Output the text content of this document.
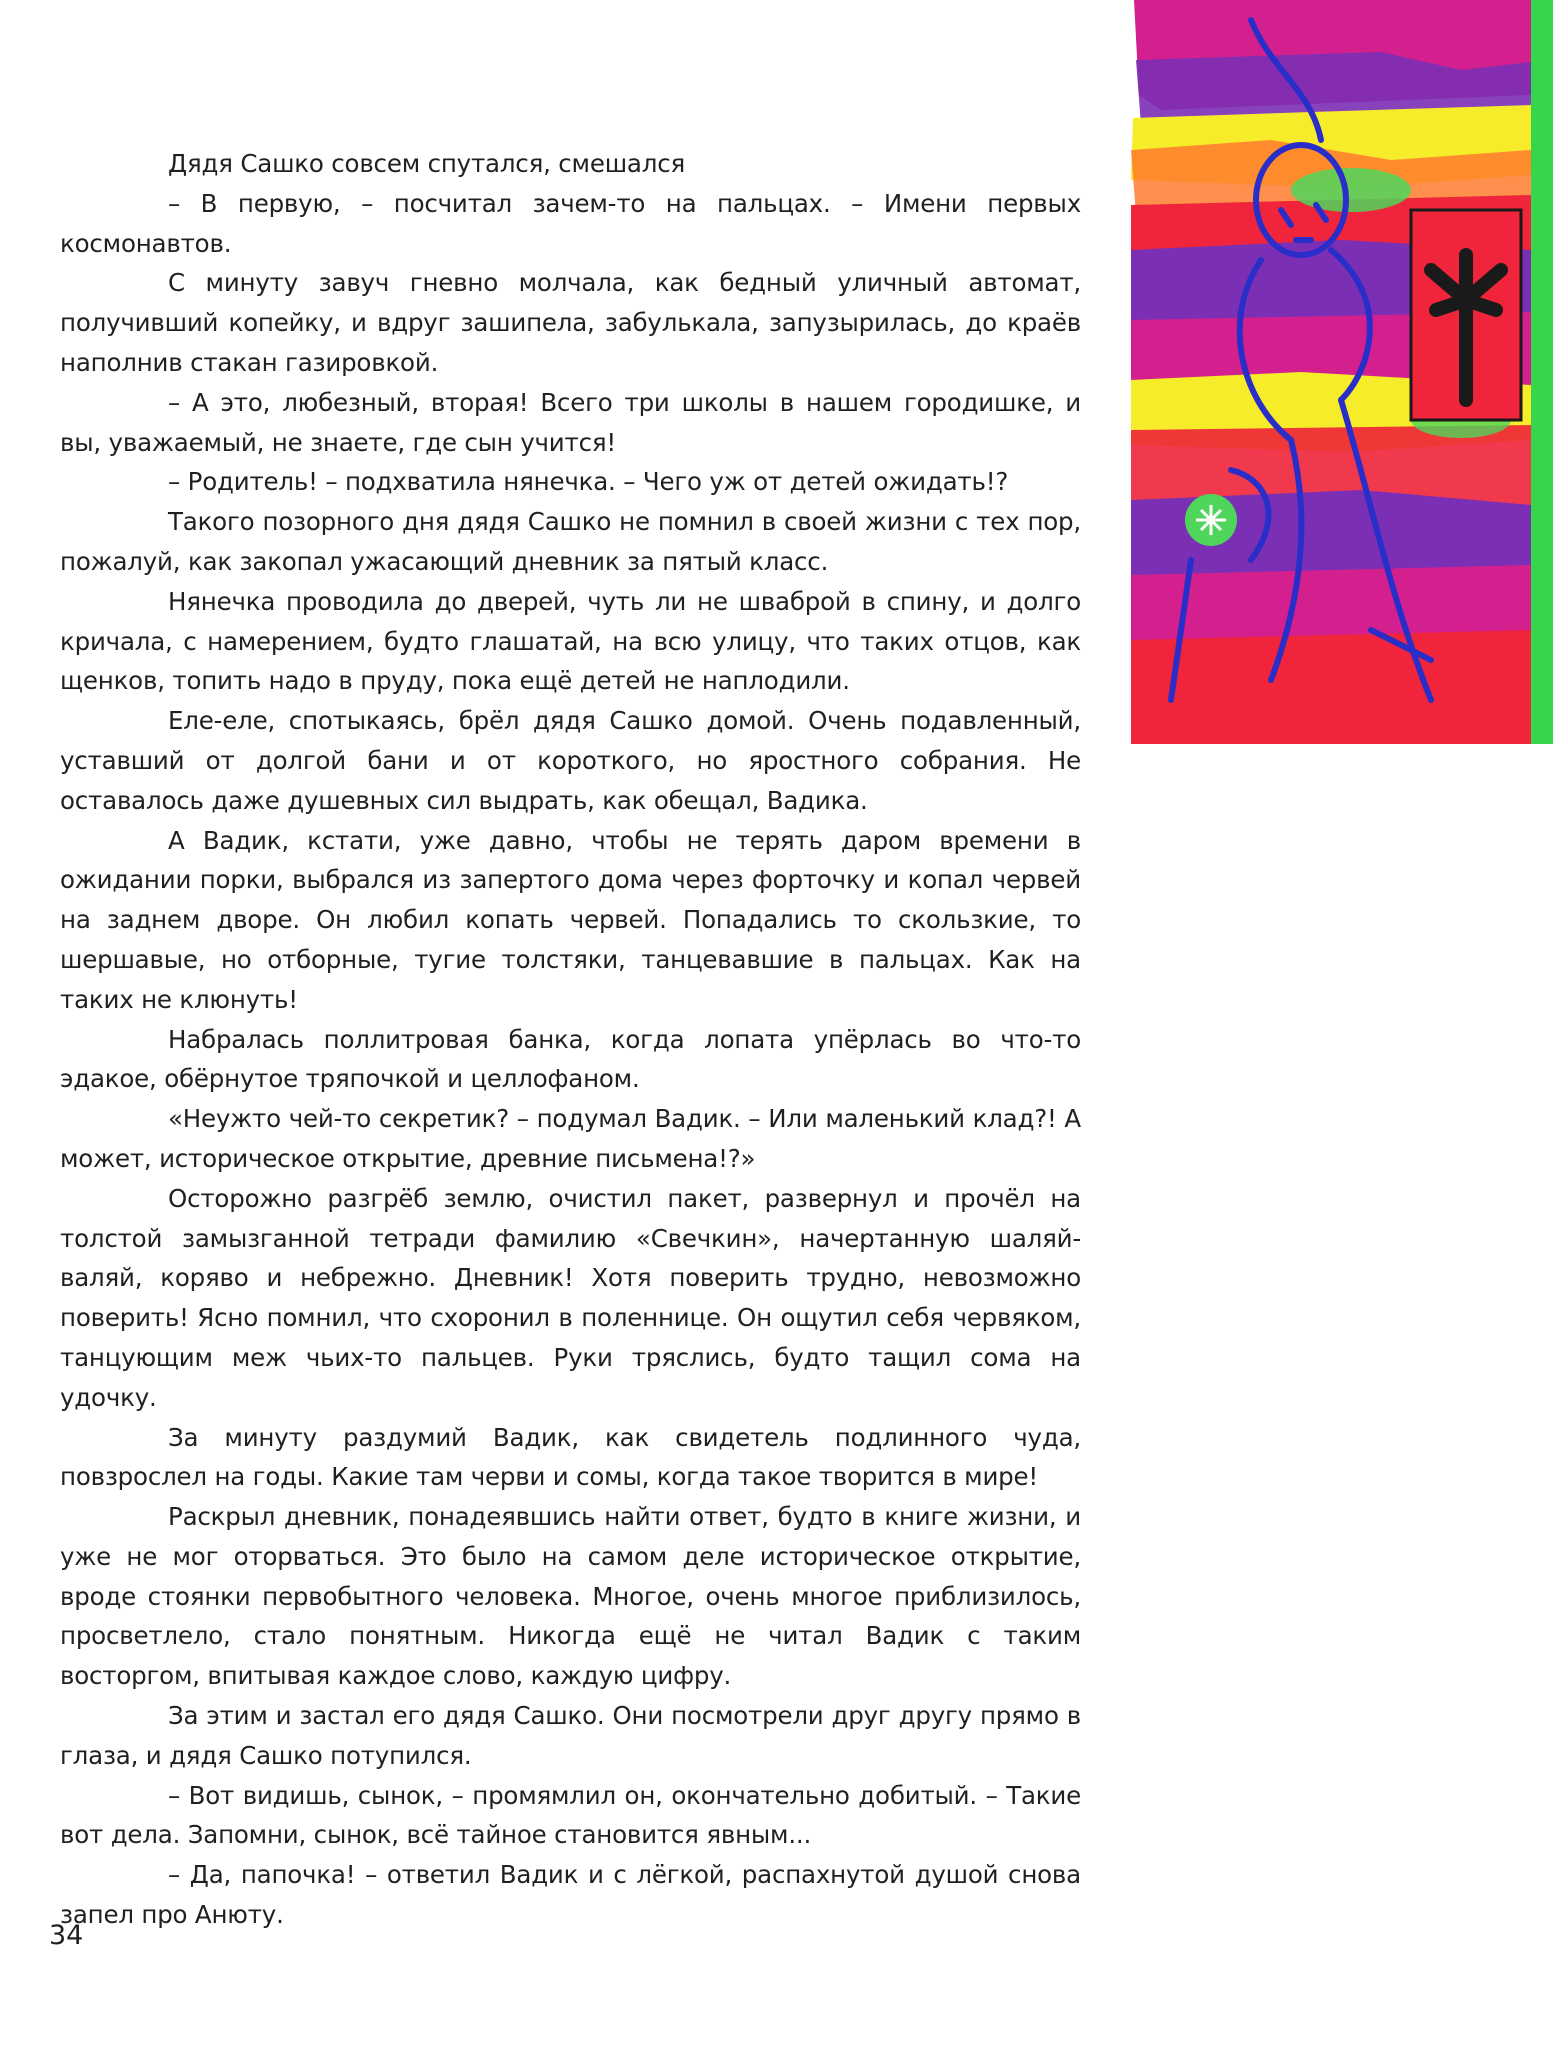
Дядя Сашко совсем спутался, смешался

– В первую, – посчитал зачем-то на пальцах. – Имени первых космонавтов.

С минуту завуч гневно молчала, как бедный уличный автомат, получивший копейку, и вдруг зашипела, забулькала, запузырилась, до краёв наполнив стакан газировкой.

– А это, любезный, вторая! Всего три школы в нашем городишке, и вы, уважаемый, не знаете, где сын учится!

– Родитель! – подхватила нянечка. – Чего уж от детей ожидать!?

Такого позорного дня дядя Сашко не помнил в своей жизни с тех пор, пожалуй, как закопал ужасающий дневник за пятый класс.

Нянечка проводила до дверей, чуть ли не шваброй в спину, и долго кричала, с намерением, будто глашатай, на всю улицу, что таких отцов, как щенков, топить надо в пруду, пока ещё детей не наплодили.

Еле-еле, спотыкаясь, брёл дядя Сашко домой. Очень подавленный, уставший от долгой бани и от короткого, но яростного собрания. Не оставалось даже душевных сил выдрать, как обещал, Вадика.

А Вадик, кстати, уже давно, чтобы не терять даром времени в ожидании порки, выбрался из запертого дома через форточку и копал червей на заднем дворе. Он любил копать червей. Попадались то скользкие, то шершавые, но отборные, тугие толстяки, танцевавшие в пальцах. Как на таких не клюнуть!

Набралась поллитровая банка, когда лопата упёрлась во что-то эдакое, обёрнутое тряпочкой и целлофаном.

«Неужто чей-то секретик? – подумал Вадик. – Или маленький клад?! А может, историческое открытие, древние письмена!?»

Осторожно разгрёб землю, очистил пакет, развернул и прочёл на толстой замызганной тетради фамилию «Свечкин», начертанную шаляй-валяй, коряво и небрежно. Дневник! Хотя поверить трудно, невозможно поверить! Ясно помнил, что схоронил в поленнице. Он ощутил себя червяком, танцующим меж чьих-то пальцев. Руки тряслись, будто тащил сома на удочку.

За минуту раздумий Вадик, как свидетель подлинного чуда, повзрослел на годы. Какие там черви и сомы, когда такое творится в мире!

Раскрыл дневник, понадеявшись найти ответ, будто в книге жизни, и уже не мог оторваться. Это было на самом деле историческое открытие, вроде стоянки первобытного человека. Многое, очень многое приблизилось, просветлело, стало понятным. Никогда ещё не читал Вадик с таким восторгом, впитывая каждое слово, каждую цифру.

За этим и застал его дядя Сашко. Они посмотрели друг другу прямо в глаза, и дядя Сашко потупился.

– Вот видишь, сынок, – промямлил он, окончательно добитый. – Такие вот дела. Запомни, сынок, всё тайное становится явным...

– Да, папочка! – ответил Вадик и с лёгкой, распахнутой душой снова запел про Анюту.

34
